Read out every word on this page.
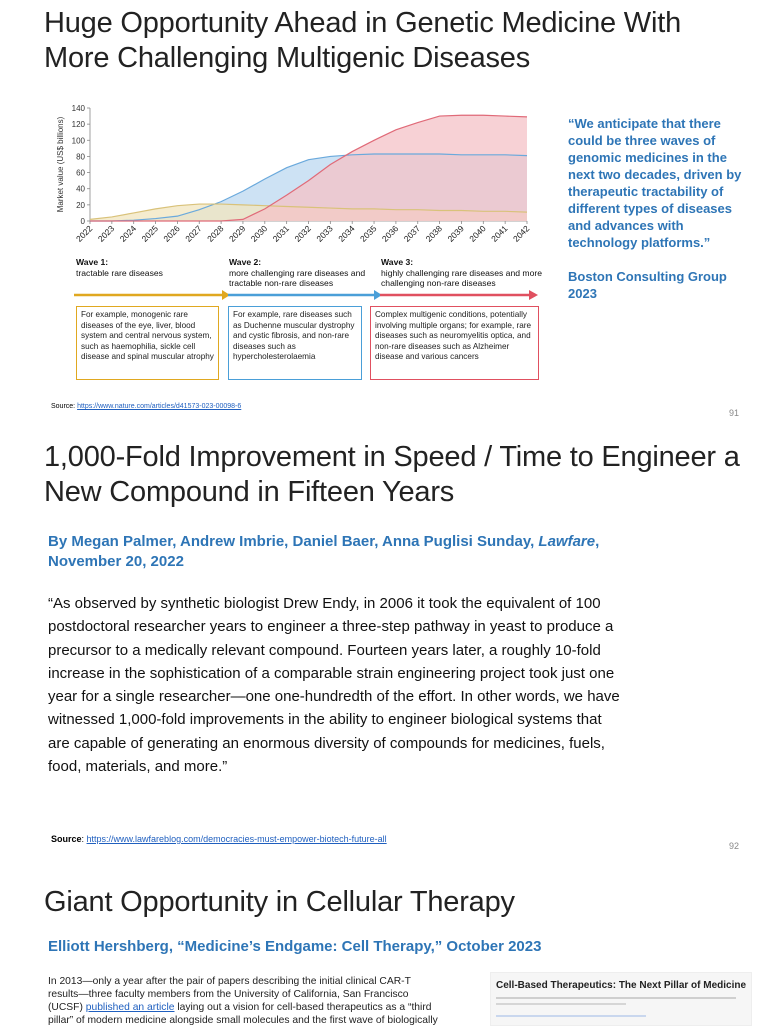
Huge Opportunity Ahead in Genetic Medicine With
More Challenging Multigenic Diseases
0
20
40
60
80
100
120
140
Market value (US$ billions)
2022 2023 2024 2025 2026 2027 2028 2029 2030 2031 2032 2033 2034 2035 2036 2037 2038 2039 2040 2041 2042
Wave 1:
tractable rare diseases
Wave 2:
more challenging rare diseases and tractable non-rare diseases
Wave 3:
highly challenging rare diseases and more challenging non-rare diseases
For example, monogenic rare diseases of the eye, liver, blood system and central nervous system, such as haemophilia, sickle cell disease and spinal muscular atrophy
For example, rare diseases such as Duchenne muscular dystrophy and cystic fibrosis, and non-rare diseases such as hypercholesterolaemia
Complex multigenic conditions, potentially involving multiple organs; for example, rare diseases such as neuromyelitis optica, and non-rare diseases such as Alzheimer disease and various cancers
“We anticipate that there could be three waves of genomic medicines in the next two decades, driven by therapeutic tractability of different types of diseases and advances with technology platforms.”
Boston Consulting Group
2023
Source: https://www.nature.com/articles/d41573-023-00098-6
91
1,000-Fold Improvement in Speed / Time to Engineer a
New Compound in Fifteen Years
By Megan Palmer, Andrew Imbrie, Daniel Baer, Anna Puglisi Sunday, Lawfare,
November 20, 2022
“As observed by synthetic biologist Drew Endy, in 2006 it took the equivalent of 100
postdoctoral researcher years to engineer a three-step pathway in yeast to produce a
precursor to a medically relevant compound. Fourteen years later, a roughly 10-fold
increase in the sophistication of a comparable strain engineering project took just one
year for a single researcher—one one-hundredth of the effort. In other words, we have
witnessed 1,000-fold improvements in the ability to engineer biological systems that
are capable of generating an enormous diversity of compounds for medicines, fuels,
food, materials, and more.”
Source: https://www.lawfareblog.com/democracies-must-empower-biotech-future-all
92
Giant Opportunity in Cellular Therapy
Elliott Hershberg, “Medicine’s Endgame: Cell Therapy,” October 2023
In 2013—only a year after the pair of papers describing the initial clinical CAR-T
results—three faculty members from the University of California, San Francisco
(UCSF) published an article laying out a vision for cell-based therapeutics as a “third
pillar” of modern medicine alongside small molecules and the first wave of biologically
Cell-Based Therapeutics: The Next Pillar of Medicine
